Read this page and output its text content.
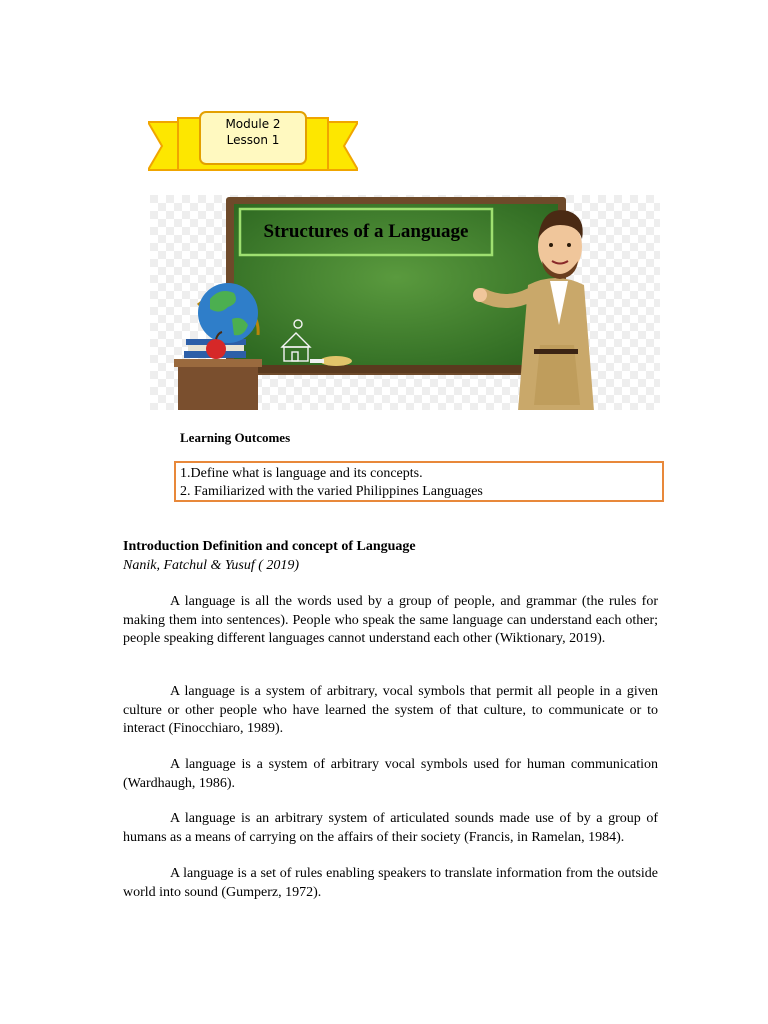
Module 2
Lesson 1
Structures of a Language
Learning Outcomes
1.Define what is language and its concepts.
2. Familiarized with the varied Philippines Languages
Introduction Definition and concept of Language
Nanik, Fatchul & Yusuf ( 2019)

A language is all the words used by a group of people, and grammar (the rules for making them into sentences). People who speak the same language can understand each other; people speaking different languages cannot understand each other (Wiktionary, 2019).

A language is a system of arbitrary, vocal symbols that permit all people in a given culture or other people who have learned the system of that culture, to communicate or to interact (Finocchiaro, 1989).

A language is a system of arbitrary vocal symbols used for human communication (Wardhaugh, 1986).

A language is an arbitrary system of articulated sounds made use of by a group of humans as a means of carrying on the affairs of their society (Francis, in Ramelan, 1984).

A language is a set of rules enabling speakers to translate information from the outside world into sound (Gumperz, 1972).
